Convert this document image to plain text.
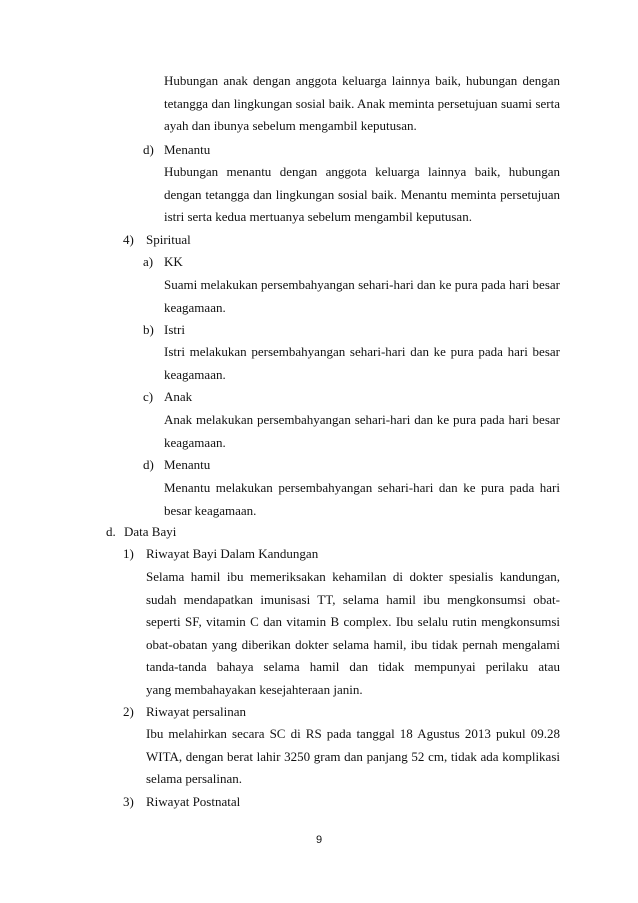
Hubungan anak dengan anggota keluarga lainnya baik, hubungan dengan
tetangga dan lingkungan sosial baik. Anak meminta persetujuan suami serta
ayah dan ibunya sebelum mengambil keputusan.
d) Menantu
Hubungan menantu dengan anggota keluarga lainnya baik, hubungan
dengan tetangga dan lingkungan sosial baik. Menantu meminta persetujuan
istri serta kedua mertuanya sebelum mengambil keputusan.
4) Spiritual
a) KK
Suami melakukan persembahyangan sehari-hari dan ke pura pada hari besar
keagamaan.
b) Istri
Istri melakukan persembahyangan sehari-hari dan ke pura pada hari besar
keagamaan.
c) Anak
Anak melakukan persembahyangan sehari-hari dan ke pura pada hari besar
keagamaan.
d) Menantu
Menantu melakukan persembahyangan sehari-hari dan ke pura pada hari
besar keagamaan.
d. Data Bayi
1) Riwayat Bayi Dalam Kandungan
Selama hamil ibu memeriksakan kehamilan di dokter spesialis kandungan,
sudah mendapatkan imunisasi TT, selama hamil ibu mengkonsumsi obat-
seperti SF, vitamin C dan vitamin B complex. Ibu selalu rutin mengkonsumsi
obat-obatan yang diberikan dokter selama hamil, ibu tidak pernah mengalami
tanda-tanda bahaya selama hamil dan tidak mempunyai perilaku atau
yang membahayakan kesejahteraan janin.
2) Riwayat persalinan
Ibu melahirkan secara SC di RS pada tanggal 18 Agustus 2013 pukul 09.28
WITA, dengan berat lahir 3250 gram dan panjang 52 cm, tidak ada komplikasi
selama persalinan.
3) Riwayat Postnatal
9
